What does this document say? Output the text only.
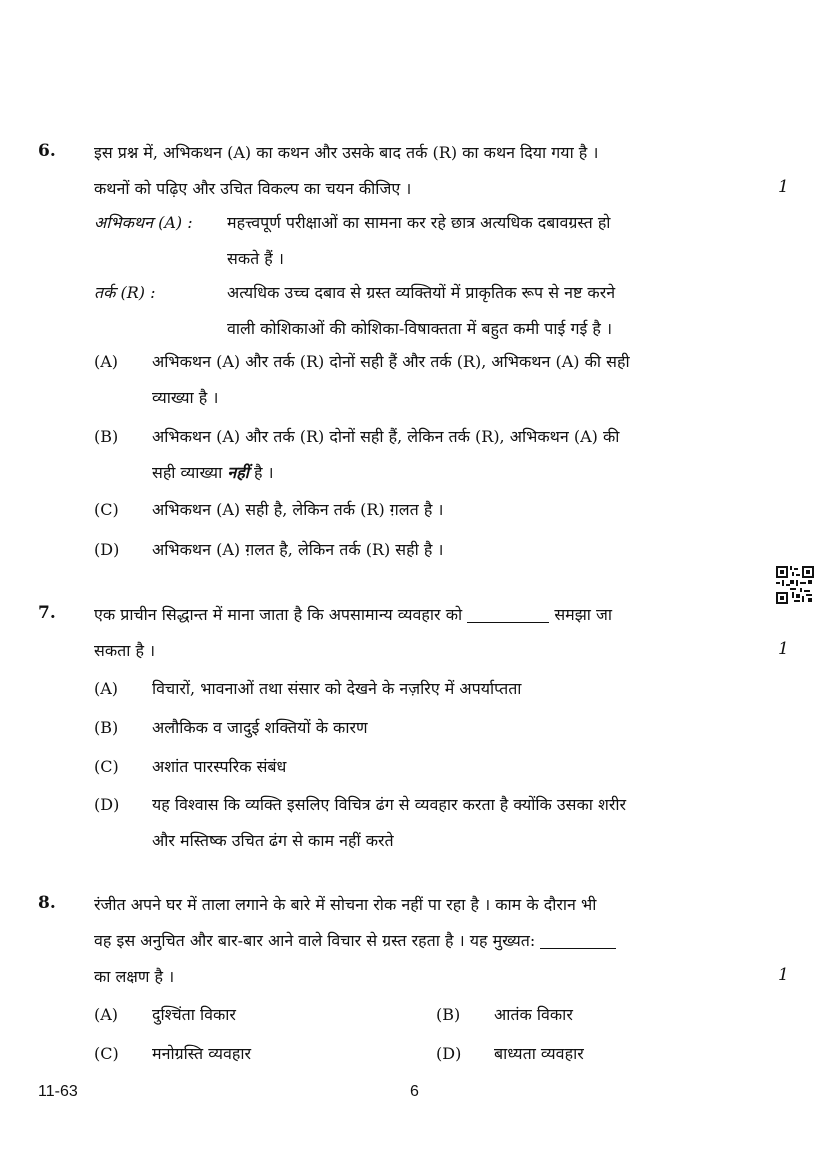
6. इस प्रश्न में, अभिकथन (A) का कथन और उसके बाद तर्क (R) का कथन दिया गया है ।
कथनों को पढ़िए और उचित विकल्प का चयन कीजिए ।	1
अभिकथन (A) : महत्त्वपूर्ण परीक्षाओं का सामना कर रहे छात्र अत्यधिक दबावग्रस्त हो
सकते हैं ।
तर्क (R) :	अत्यधिक उच्च दबाव से ग्रस्त व्यक्तियों में प्राकृतिक रूप से नष्ट करने
वाली कोशिकाओं की कोशिका-विषाक्तता में बहुत कमी पाई गई है ।
(A) अभिकथन (A) और तर्क (R) दोनों सही हैं और तर्क (R), अभिकथन (A) की सही
व्याख्या है ।
(B) अभिकथन (A) और तर्क (R) दोनों सही हैं, लेकिन तर्क (R), अभिकथन (A) की
सही व्याख्या नहीं है ।
(C) अभिकथन (A) सही है, लेकिन तर्क (R) ग़लत है ।
(D) अभिकथन (A) ग़लत है, लेकिन तर्क (R) सही है ।
7. एक प्राचीन सिद्धान्त में माना जाता है कि अपसामान्य व्यवहार को	समझा जा
सकता है ।	1
(A) विचारों, भावनाओं तथा संसार को देखने के नज़रिए में अपर्याप्तता
(B) अलौकिक व जादुई शक्तियों के कारण
(C) अशांत पारस्परिक संबंध
(D) यह विश्वास कि व्यक्ति इसलिए विचित्र ढंग से व्यवहार करता है क्योंकि उसका शरीर
और मस्तिष्क उचित ढंग से काम नहीं करते
8. रंजीत अपने घर में ताला लगाने के बारे में सोचना रोक नहीं पा रहा है । काम के दौरान भी
वह इस अनुचित और बार-बार आने वाले विचार से ग्रस्त रहता है । यह मुख्यत:
का लक्षण है ।	1
(A) दुश्चिंता विकार	(B) आतंक विकार
(C) मनोग्रस्ति व्यवहार	(D) बाध्यता व्यवहार
11-63	6
